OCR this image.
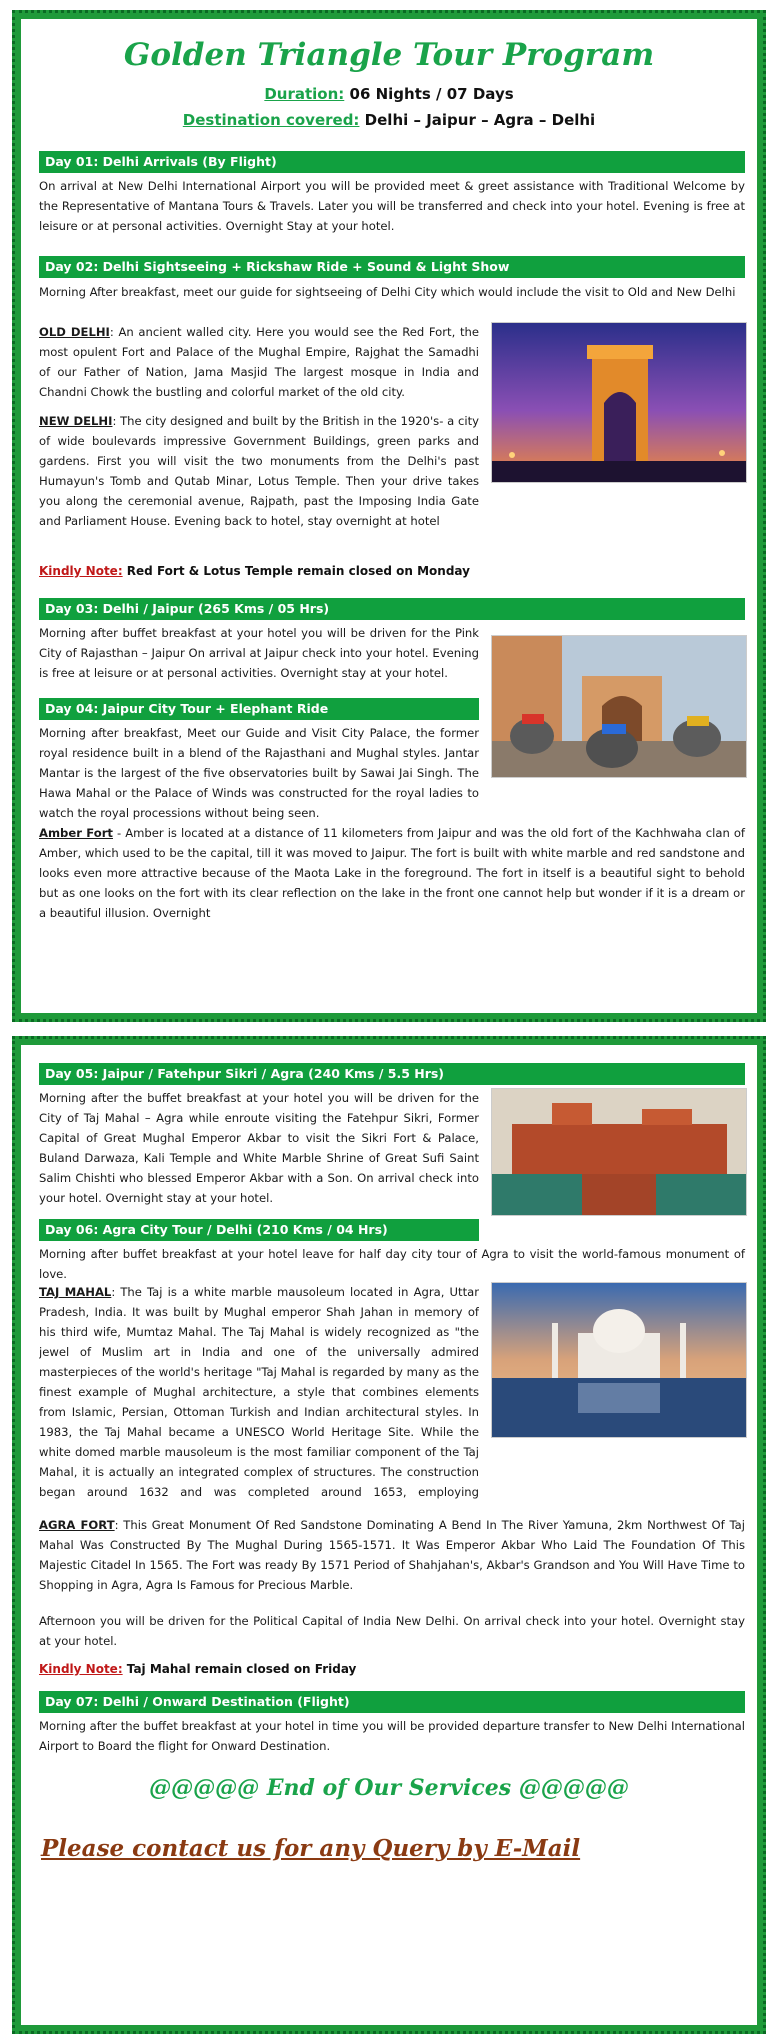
Golden Triangle Tour Program
Duration: 06 Nights / 07 Days
Destination covered: Delhi – Jaipur – Agra – Delhi
Day 01: Delhi Arrivals (By Flight)
On arrival at New Delhi International Airport you will be provided meet & greet assistance with Traditional Welcome by the Representative of Mantana Tours & Travels. Later you will be transferred and check into your hotel. Evening is free at leisure or at personal activities. Overnight Stay at your hotel.
Day 02: Delhi Sightseeing + Rickshaw Ride + Sound & Light Show
Morning After breakfast, meet our guide for sightseeing of Delhi City which would include the visit to Old and New Delhi
OLD DELHI: An ancient walled city. Here you would see the Red Fort, the most opulent Fort and Palace of the Mughal Empire, Rajghat the Samadhi of our Father of Nation, Jama Masjid The largest mosque in India and Chandni Chowk the bustling and colorful market of the old city.
NEW DELHI: The city designed and built by the British in the 1920's- a city of wide boulevards impressive Government Buildings, green parks and
gardens. First you will visit the two monuments from the Delhi's past Humayun's Tomb and Qutab Minar, Lotus Temple. Then your drive takes you along the ceremonial avenue, Rajpath, past the Imposing India Gate and Parliament House. Evening back to hotel, stay overnight at hotel
Kindly Note: Red Fort & Lotus Temple remain closed on Monday
Day 03: Delhi / Jaipur (265 Kms / 05 Hrs)
Morning after buffet breakfast at your hotel you will be driven for the Pink City of Rajasthan – Jaipur On arrival at Jaipur check into your hotel. Evening is free at leisure or at personal activities. Overnight stay at your hotel.
Day 04: Jaipur City Tour + Elephant Ride
Morning after breakfast, Meet our Guide and Visit City Palace, the former royal residence built in a blend of the Rajasthani and Mughal styles. Jantar Mantar is the largest of the five observatories built by Sawai Jai Singh. The Hawa Mahal or the Palace of Winds was constructed for the royal ladies to watch the royal processions without being seen.
Amber Fort - Amber is located at a distance of 11 kilometers from Jaipur and was the old fort of the Kachhwaha clan of Amber, which used to be the capital, till it was moved to Jaipur. The fort is built with white marble and red sandstone and looks even more attractive because of the Maota Lake in the foreground. The fort in itself is a beautiful sight to behold but as one looks on the fort with its clear reflection on the lake in the front one cannot help but wonder if it is a dream or a beautiful illusion. Overnight
Day 05: Jaipur / Fatehpur Sikri / Agra (240 Kms / 5.5 Hrs)
Morning after the buffet breakfast at your hotel you will be driven for the City of Taj Mahal – Agra while enroute visiting the Fatehpur Sikri, Former Capital of Great Mughal Emperor Akbar to visit the Sikri Fort & Palace, Buland Darwaza, Kali Temple and White Marble Shrine of Great Sufi Saint Salim Chishti who blessed Emperor Akbar with a Son. On arrival check into your hotel. Overnight stay at your hotel.
Day 06: Agra City Tour / Delhi (210 Kms / 04 Hrs)
Morning after buffet breakfast at your hotel leave for half day city tour of Agra to visit the world-famous monument of love.
TAJ MAHAL: The Taj is a white marble mausoleum located in Agra, Uttar Pradesh, India. It was built by Mughal emperor Shah Jahan in memory of his third wife, Mumtaz Mahal. The Taj Mahal is widely recognized as "the jewel of Muslim art in India and one of the universally admired masterpieces of the world's heritage "Taj Mahal is regarded by many as the finest example of Mughal architecture, a style that combines elements from Islamic, Persian, Ottoman Turkish and Indian architectural styles. In 1983, the Taj Mahal became a UNESCO World Heritage Site. While the
white domed marble mausoleum is the most familiar component of the Taj Mahal, it is actually an integrated complex of structures. The construction began around 1632 and was completed around 1653, employing
AGRA FORT: This Great Monument Of Red Sandstone Dominating A Bend In The River Yamuna, 2km Northwest Of Taj Mahal Was Constructed By The Mughal During 1565-1571. It Was Emperor Akbar Who Laid The Foundation Of This Majestic Citadel In 1565. The Fort was ready By 1571 Period of Shahjahan's, Akbar's Grandson and You Will Have Time to Shopping in Agra, Agra Is Famous for Precious Marble.
Afternoon you will be driven for the Political Capital of India New Delhi. On arrival check into your hotel. Overnight stay at your hotel.
Kindly Note: Taj Mahal remain closed on Friday
Day 07: Delhi / Onward Destination (Flight)
Morning after the buffet breakfast at your hotel in time you will be provided departure transfer to New Delhi International Airport to Board the flight for Onward Destination.
@@@@@ End of Our Services @@@@@
Please contact us for any Query by E-Mail
